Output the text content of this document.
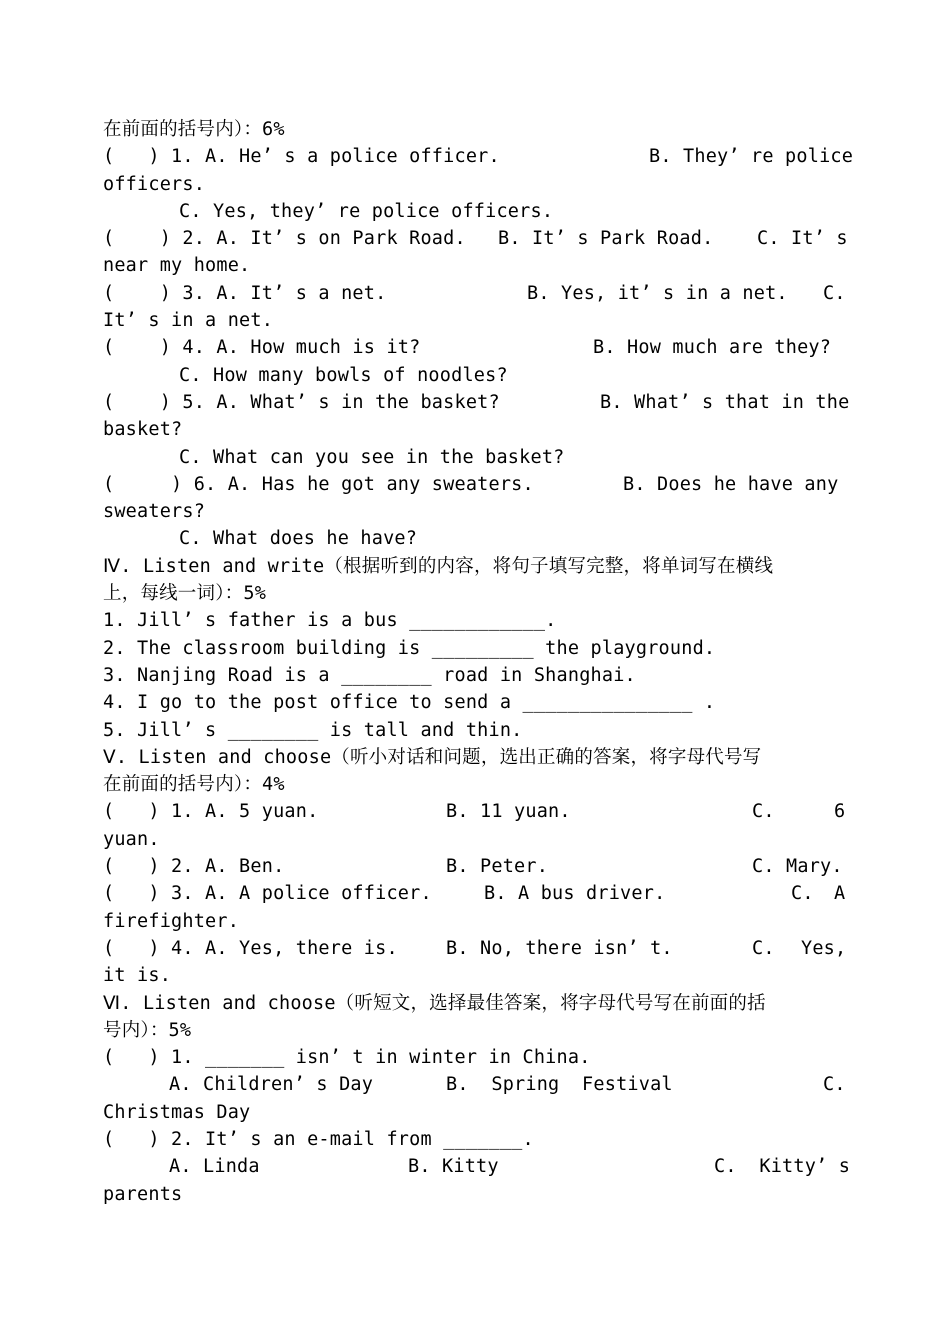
在前面的括号内）：6%
(   ) 1. A. He’ s a police officer.	B. They’ re police
officers.
C. Yes, they’ re police officers.
(    ) 2. A. It’ s on Park Road. B. It’ s Park Road. C. It’ s
near my home.
(    ) 3. A. It’ s a net.	B. Yes, it’ s in a net. C.
It’ s in a net.
(    ) 4. A. How much is it?	B. How much are they?
C. How many bowls of noodles?
(    ) 5. A. What’ s in the basket?	B. What’ s that in the
basket?
C. What can you see in the basket?
(     ) 6. A. Has he got any sweaters.	B. Does he have any
sweaters?
C. What does he have?
Ⅳ. Listen and write（根据听到的内容，将句子填写完整，将单词写在横线
上，每线一词）：5%
1. Jill’ s father is a bus ____________.
2. The classroom building is _________ the playground.
3. Nanjing Road is a ________ road in Shanghai.
4. I go to the post office to send a _______________ .
5. Jill’ s ________ is tall and thin.
Ⅴ. Listen and choose（听小对话和问题，选出正确的答案，将字母代号写
在前面的括号内）：4%
(   ) 1. A. 5 yuan.	B. 11 yuan.	C.	6
yuan.
(   ) 2. A. Ben.	B. Peter.	C. Mary.
(   ) 3. A. A police officer.	B. A bus driver.	C. A
firefighter.
(   ) 4. A. Yes, there is.	B. No, there isn’ t.	C. Yes,
it is.
Ⅵ. Listen and choose（听短文，选择最佳答案，将字母代号写在前面的括
号内）：5%
(   ) 1. _______ isn’ t in winter in China.
A. Children’ s Day	B.  Spring  Festival	C.
Christmas Day
(   ) 2. It’ s an e-mail from _______.
A. Linda	B. Kitty	C.  Kitty’ s
parents
